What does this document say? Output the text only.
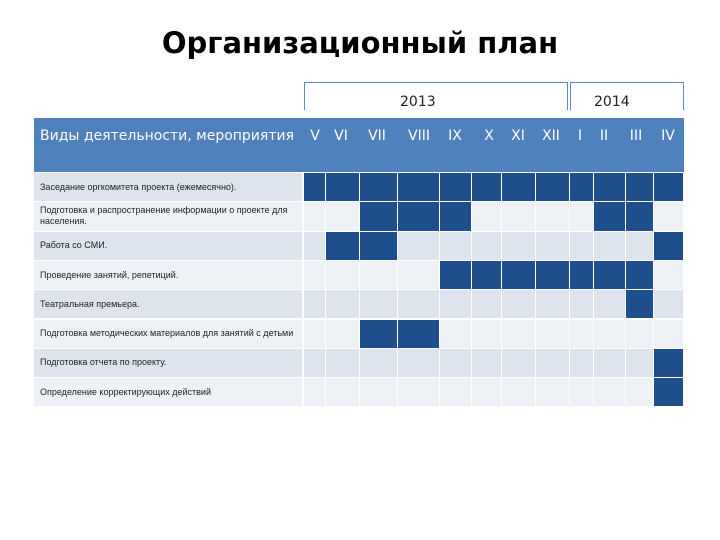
Организационный план
2013	2014
Виды деятельности, мероприятия	V VI VII VIII IX X XI XII I II III IV
Заседание оргкомитета проекта (ежемесячно).
Подготовка и распространение информации о проекте для населения.
Работа со СМИ.
Проведение занятий, репетиций.
Театральная премьера.
Подготовка методических материалов для занятий с детьми
Подготовка отчета по проекту.
Определение корректирующих действий
